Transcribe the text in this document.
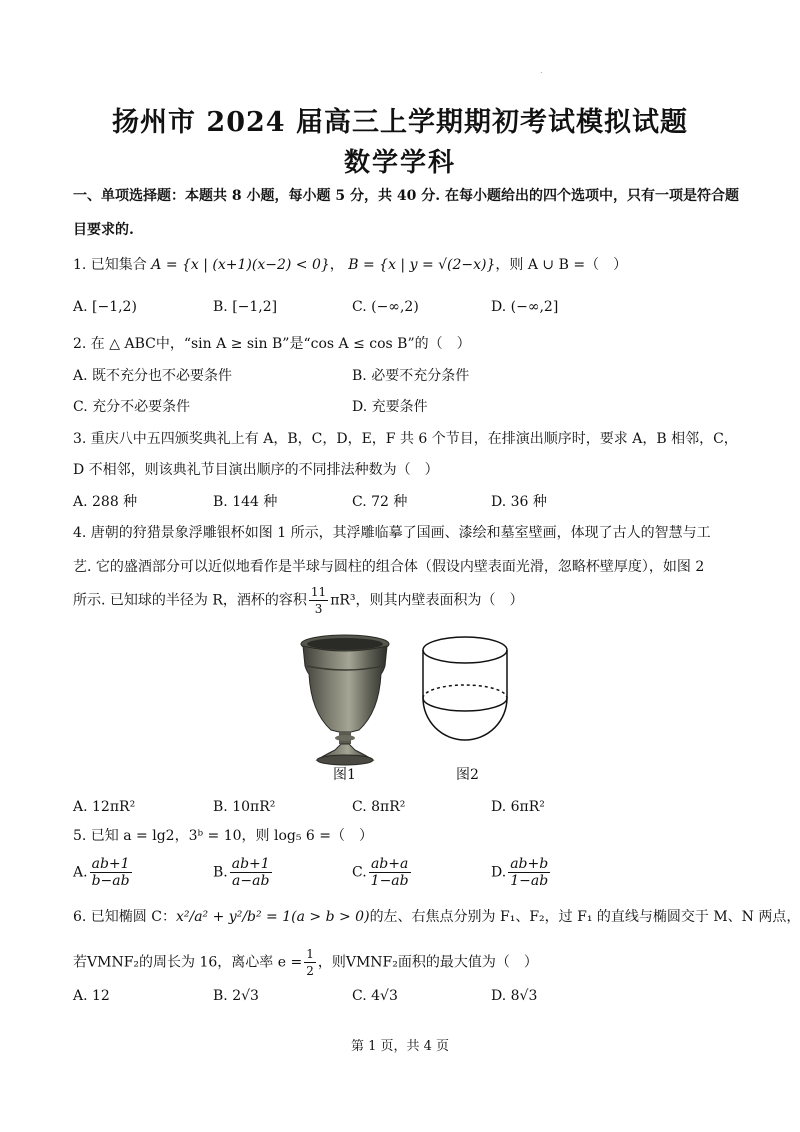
.
扬州市 2024 届高三上学期期初考试模拟试题
数学学科
一、单项选择题：本题共 8 小题，每小题 5 分，共 40 分. 在每小题给出的四个选项中，只有一项是符合题
目要求的.
1. 已知集合 A = {x | (x+1)(x−2) < 0}， B = {x | y = √(2−x)}，则 A ∪ B =（　）
A. [−1,2)	B. [−1,2]	C. (−∞,2)	D. (−∞,2]
2. 在 △ ABC中，“sin A ≥ sin B”是“cos A ≤ cos B”的（　）
A. 既不充分也不必要条件	B. 必要不充分条件
C. 充分不必要条件	D. 充要条件
3. 重庆八中五四颁奖典礼上有 A，B，C，D，E，F 共 6 个节目，在排演出顺序时，要求 A，B 相邻，C，
D 不相邻，则该典礼节目演出顺序的不同排法种数为（　）
A. 288 种	B. 144 种	C. 72 种	D. 36 种
4. 唐朝的狩猎景象浮雕银杯如图 1 所示，其浮雕临摹了国画、漆绘和墓室壁画，体现了古人的智慧与工
艺. 它的盛酒部分可以近似地看作是半球与圆柱的组合体（假设内壁表面光滑，忽略杯壁厚度），如图 2
所示. 已知球的半径为 R，酒杯的容积 $\frac{11}{3} \pi R^3$，则其内壁表面积为（　）
图1	图2
A. 12πR²	B. 10πR²	C. 8πR²	D. 6πR²
5. 已知 a = lg2，3ᵇ = 10，则 log₅ 6 =（　）
A. $\frac{ab+1}{b-ab}$	B. $\frac{ab+1}{a-ab}$	C. $\frac{ab+a}{1-ab}$	D. $\frac{ab+b}{1-ab}$
6. 已知椭圆 C：x²/a² + y²/b² = 1(a > b > 0)的左、右焦点分别为 F₁、F₂，过 F₁ 的直线与椭圆交于 M、N 两点，
若VMNF₂的周长为 16，离心率 $e = \frac{1}{2}$ ，则VMNF₂面积的最大值为（　）
A. 12	B. 2√3	C. 4√3	D. 8√3
第 1 页，共 4 页
